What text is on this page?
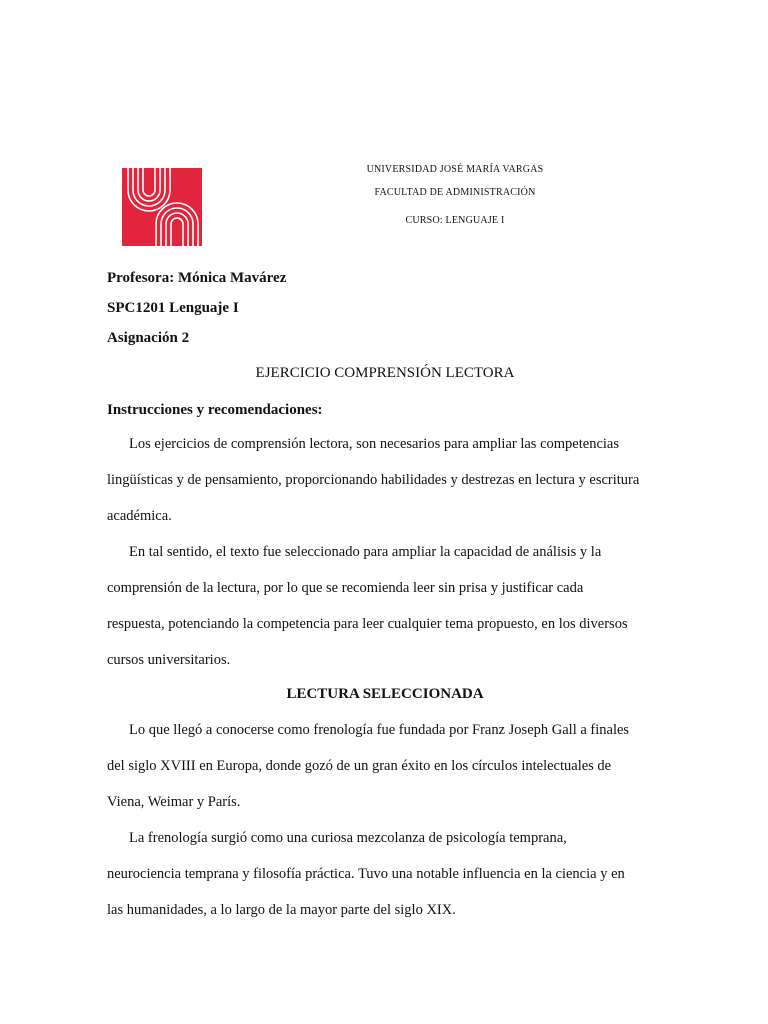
UNIVERSIDAD JOSÉ MARÍA VARGAS
FACULTAD DE ADMINISTRACIÓN
CURSO: LENGUAJE I
Profesora: Mónica Mavárez
SPC1201 Lenguaje I
Asignación 2
EJERCICIO COMPRENSIÓN LECTORA
Instrucciones y recomendaciones:
Los ejercicios de comprensión lectora, son necesarios para ampliar las competencias
lingüísticas y de pensamiento, proporcionando habilidades y destrezas en lectura y escritura
académica.
En tal sentido, el texto fue seleccionado para ampliar la capacidad de análisis y la
comprensión de la lectura, por lo que se recomienda leer sin prisa y justificar cada
respuesta, potenciando la competencia para leer cualquier tema propuesto, en los diversos
cursos universitarios.
LECTURA SELECCIONADA
Lo que llegó a conocerse como frenología fue fundada por Franz Joseph Gall a finales
del siglo XVIII en Europa, donde gozó de un gran éxito en los círculos intelectuales de
Viena, Weimar y París.
La frenología surgió como una curiosa mezcolanza de psicología temprana,
neurociencia temprana y filosofía práctica. Tuvo una notable influencia en la ciencia y en
las humanidades, a lo largo de la mayor parte del siglo XIX.
